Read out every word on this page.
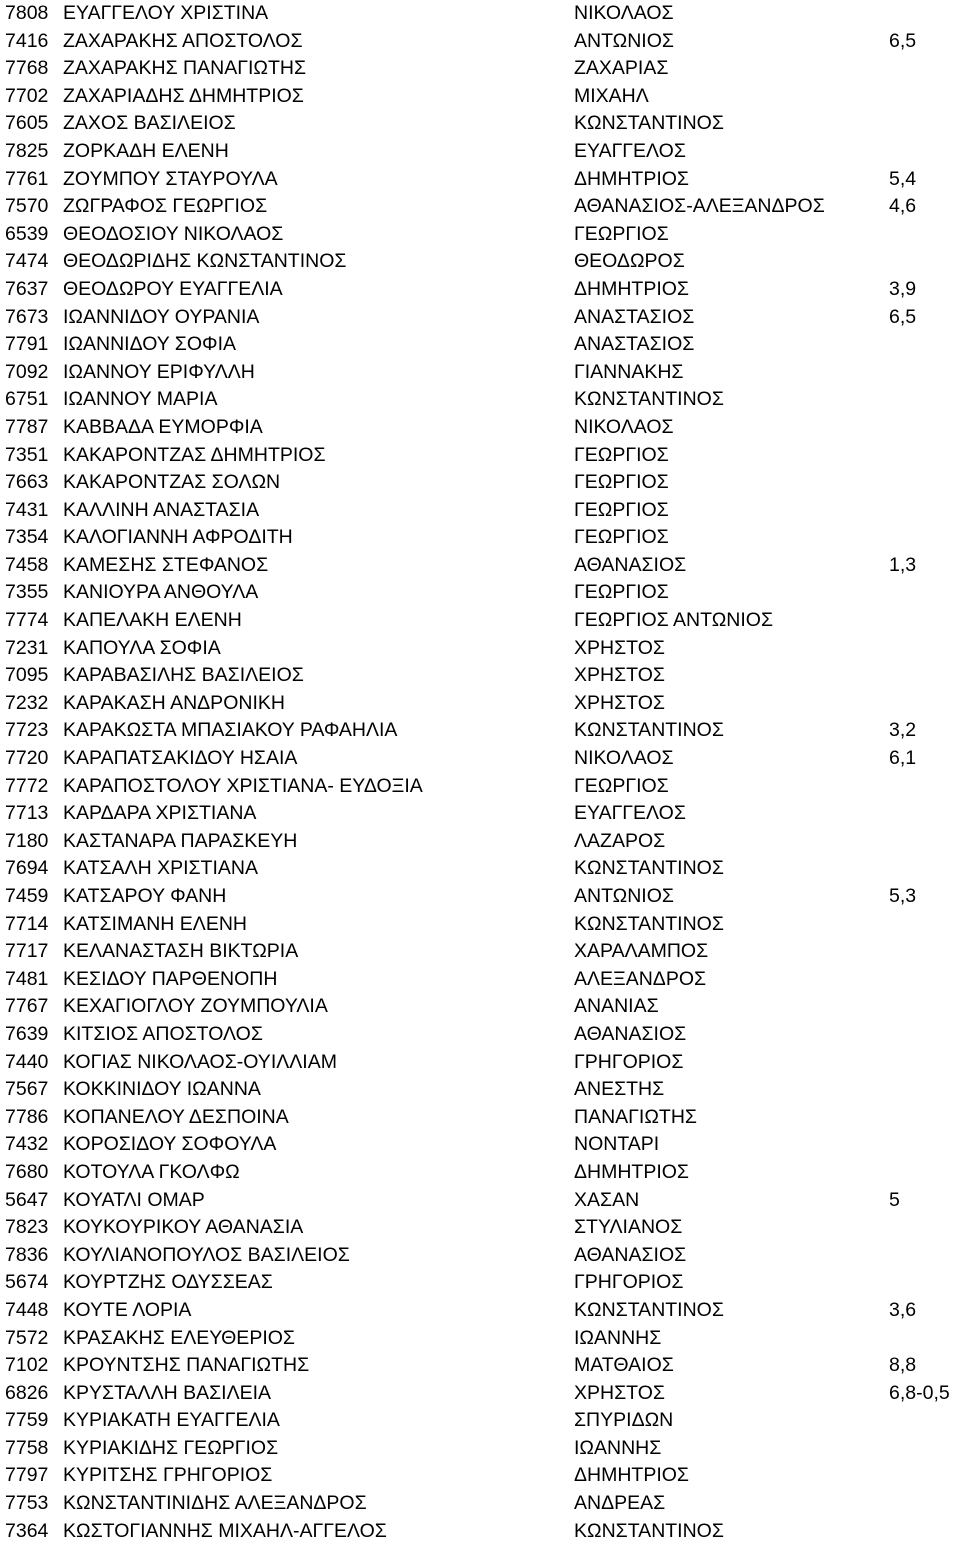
7808 ΕΥΑΓΓΕΛΟΥ ΧΡΙΣΤΙΝΑ	ΝΙΚΟΛΑΟΣ
7416 ΖΑΧΑΡΑΚΗΣ ΑΠΟΣΤΟΛΟΣ	ΑΝΤΩΝΙΟΣ	6,5
7768 ΖΑΧΑΡΑΚΗΣ ΠΑΝΑΓΙΩΤΗΣ	ΖΑΧΑΡΙΑΣ
7702 ΖΑΧΑΡΙΑΔΗΣ ΔΗΜΗΤΡΙΟΣ	ΜΙΧΑΗΛ
7605 ΖΑΧΟΣ ΒΑΣΙΛΕΙΟΣ	ΚΩΝΣΤΑΝΤΙΝΟΣ
7825 ΖΟΡΚΑΔΗ ΕΛΕΝΗ	ΕΥΑΓΓΕΛΟΣ
7761 ΖΟΥΜΠΟΥ ΣΤΑΥΡΟΥΛΑ	ΔΗΜΗΤΡΙΟΣ	5,4
7570 ΖΩΓΡΑΦΟΣ ΓΕΩΡΓΙΟΣ	ΑΘΑΝΑΣΙΟΣ-ΑΛΕΞΑΝΔΡΟΣ	4,6
6539 ΘΕΟΔΟΣΙΟΥ ΝΙΚΟΛΑΟΣ	ΓΕΩΡΓΙΟΣ
7474 ΘΕΟΔΩΡΙΔΗΣ ΚΩΝΣΤΑΝΤΙΝΟΣ	ΘΕΟΔΩΡΟΣ
7637 ΘΕΟΔΩΡΟΥ ΕΥΑΓΓΕΛΙΑ	ΔΗΜΗΤΡΙΟΣ	3,9
7673 ΙΩΑΝΝΙΔΟΥ ΟΥΡΑΝΙΑ	ΑΝΑΣΤΑΣΙΟΣ	6,5
7791 ΙΩΑΝΝΙΔΟΥ ΣΟΦΙΑ	ΑΝΑΣΤΑΣΙΟΣ
7092 ΙΩΑΝΝΟΥ ΕΡΙΦΥΛΛΗ	ΓΙΑΝΝΑΚΗΣ
6751 ΙΩΑΝΝΟΥ ΜΑΡΙΑ	ΚΩΝΣΤΑΝΤΙΝΟΣ
7787 ΚΑΒΒΑΔΑ ΕΥΜΟΡΦΙΑ	ΝΙΚΟΛΑΟΣ
7351 ΚΑΚΑΡΟΝΤΖΑΣ ΔΗΜΗΤΡΙΟΣ	ΓΕΩΡΓΙΟΣ
7663 ΚΑΚΑΡΟΝΤΖΑΣ ΣΟΛΩΝ	ΓΕΩΡΓΙΟΣ
7431 ΚΑΛΛΙΝΗ ΑΝΑΣΤΑΣΙΑ	ΓΕΩΡΓΙΟΣ
7354 ΚΑΛΟΓΙΑΝΝΗ ΑΦΡΟΔΙΤΗ	ΓΕΩΡΓΙΟΣ
7458 ΚΑΜΕΣΗΣ ΣΤΕΦΑΝΟΣ	ΑΘΑΝΑΣΙΟΣ	1,3
7355 ΚΑΝΙΟΥΡΑ ΑΝΘΟΥΛΑ	ΓΕΩΡΓΙΟΣ
7774 ΚΑΠΕΛΑΚΗ ΕΛΕΝΗ	ΓΕΩΡΓΙΟΣ ΑΝΤΩΝΙΟΣ
7231 ΚΑΠΟΥΛΑ ΣΟΦΙΑ	ΧΡΗΣΤΟΣ
7095 ΚΑΡΑΒΑΣΙΛΗΣ ΒΑΣΙΛΕΙΟΣ	ΧΡΗΣΤΟΣ
7232 ΚΑΡΑΚΑΣΗ ΑΝΔΡΟΝΙΚΗ	ΧΡΗΣΤΟΣ
7723 ΚΑΡΑΚΩΣΤΑ ΜΠΑΣΙΑΚΟΥ ΡΑΦΑΗΛΙΑ	ΚΩΝΣΤΑΝΤΙΝΟΣ	3,2
7720 ΚΑΡΑΠΑΤΣΑΚΙΔΟΥ ΗΣΑΙΑ	ΝΙΚΟΛΑΟΣ	6,1
7772 ΚΑΡΑΠΟΣΤΟΛΟΥ ΧΡΙΣΤΙΑΝΑ- ΕΥΔΟΞΙΑ	ΓΕΩΡΓΙΟΣ
7713 ΚΑΡΔΑΡΑ ΧΡΙΣΤΙΑΝΑ	ΕΥΑΓΓΕΛΟΣ
7180 ΚΑΣΤΑΝΑΡΑ ΠΑΡΑΣΚΕΥΗ	ΛΑΖΑΡΟΣ
7694 ΚΑΤΣΑΛΗ ΧΡΙΣΤΙΑΝΑ	ΚΩΝΣΤΑΝΤΙΝΟΣ
7459 ΚΑΤΣΑΡΟΥ ΦΑΝΗ	ΑΝΤΩΝΙΟΣ	5,3
7714 ΚΑΤΣΙΜΑΝΗ ΕΛΕΝΗ	ΚΩΝΣΤΑΝΤΙΝΟΣ
7717 ΚΕΛΑΝΑΣΤΑΣΗ ΒΙΚΤΩΡΙΑ	ΧΑΡΑΛΑΜΠΟΣ
7481 ΚΕΣΙΔΟΥ ΠΑΡΘΕΝΟΠΗ	ΑΛΕΞΑΝΔΡΟΣ
7767 ΚΕΧΑΓΙΟΓΛΟΥ ΖΟΥΜΠΟΥΛΙΑ	ΑΝΑΝΙΑΣ
7639 ΚΙΤΣΙΟΣ ΑΠΟΣΤΟΛΟΣ	ΑΘΑΝΑΣΙΟΣ
7440 ΚΟΓΙΑΣ ΝΙΚΟΛΑΟΣ-ΟΥΙΛΛΙΑΜ	ΓΡΗΓΟΡΙΟΣ
7567 ΚΟΚΚΙΝΙΔΟΥ ΙΩΑΝΝΑ	ΑΝΕΣΤΗΣ
7786 ΚΟΠΑΝΕΛΟΥ ΔΕΣΠΟΙΝΑ	ΠΑΝΑΓΙΩΤΗΣ
7432 ΚΟΡΟΣΙΔΟΥ ΣΟΦΟΥΛΑ	ΝΟΝΤΑΡΙ
7680 ΚΟΤΟΥΛΑ ΓΚΟΛΦΩ	ΔΗΜΗΤΡΙΟΣ
5647 ΚΟΥΑΤΛΙ ΟΜΑΡ	ΧΑΣΑΝ	5
7823 ΚΟΥΚΟΥΡΙΚΟΥ ΑΘΑΝΑΣΙΑ	ΣΤΥΛΙΑΝΟΣ
7836 ΚΟΥΛΙΑΝΟΠΟΥΛΟΣ ΒΑΣΙΛΕΙΟΣ	ΑΘΑΝΑΣΙΟΣ
5674 ΚΟΥΡΤΖΗΣ ΟΔΥΣΣΕΑΣ	ΓΡΗΓΟΡΙΟΣ
7448 ΚΟΥΤΕ ΛΟΡΙΑ	ΚΩΝΣΤΑΝΤΙΝΟΣ	3,6
7572 ΚΡΑΣΑΚΗΣ ΕΛΕΥΘΕΡΙΟΣ	ΙΩΑΝΝΗΣ
7102 ΚΡΟΥΝΤΣΗΣ ΠΑΝΑΓΙΩΤΗΣ	ΜΑΤΘΑΙΟΣ	8,8
6826 ΚΡΥΣΤΑΛΛΗ ΒΑΣΙΛΕΙΑ	ΧΡΗΣΤΟΣ	6,8-0,5
7759 ΚΥΡΙΑΚΑΤΗ ΕΥΑΓΓΕΛΙΑ	ΣΠΥΡΙΔΩΝ
7758 ΚΥΡΙΑΚΙΔΗΣ ΓΕΩΡΓΙΟΣ	ΙΩΑΝΝΗΣ
7797 ΚΥΡΙΤΣΗΣ ΓΡΗΓΟΡΙΟΣ	ΔΗΜΗΤΡΙΟΣ
7753 ΚΩΝΣΤΑΝΤΙΝΙΔΗΣ ΑΛΕΞΑΝΔΡΟΣ	ΑΝΔΡΕΑΣ
7364 ΚΩΣΤΟΓΙΑΝΝΗΣ ΜΙΧΑΗΛ-ΑΓΓΕΛΟΣ	ΚΩΝΣΤΑΝΤΙΝΟΣ
